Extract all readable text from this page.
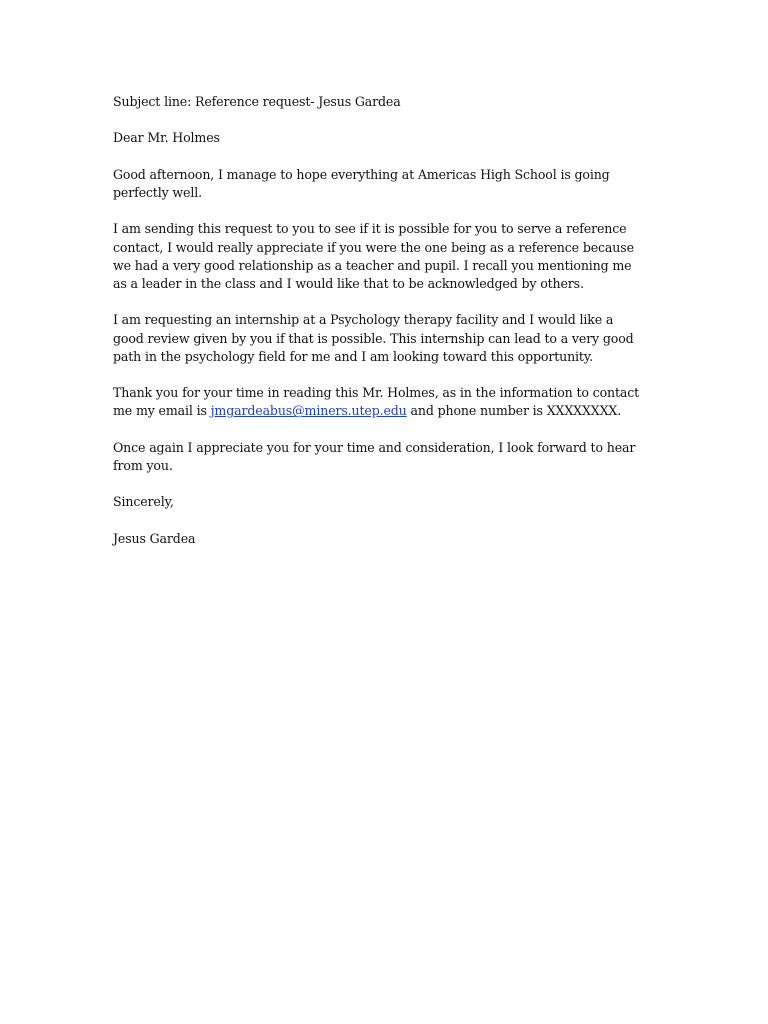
Subject line: Reference request- Jesus Gardea

Dear Mr. Holmes

Good afternoon, I manage to hope everything at Americas High School is going
perfectly well.

I am sending this request to you to see if it is possible for you to serve a reference
contact, I would really appreciate if you were the one being as a reference because
we had a very good relationship as a teacher and pupil. I recall you mentioning me
as a leader in the class and I would like that to be acknowledged by others.

I am requesting an internship at a Psychology therapy facility and I would like a
good review given by you if that is possible. This internship can lead to a very good
path in the psychology field for me and I am looking toward this opportunity.

Thank you for your time in reading this Mr. Holmes, as in the information to contact
me my email is jmgardeabus@miners.utep.edu and phone number is XXXXXXXX.

Once again I appreciate you for your time and consideration, I look forward to hear
from you.

Sincerely,

Jesus Gardea
